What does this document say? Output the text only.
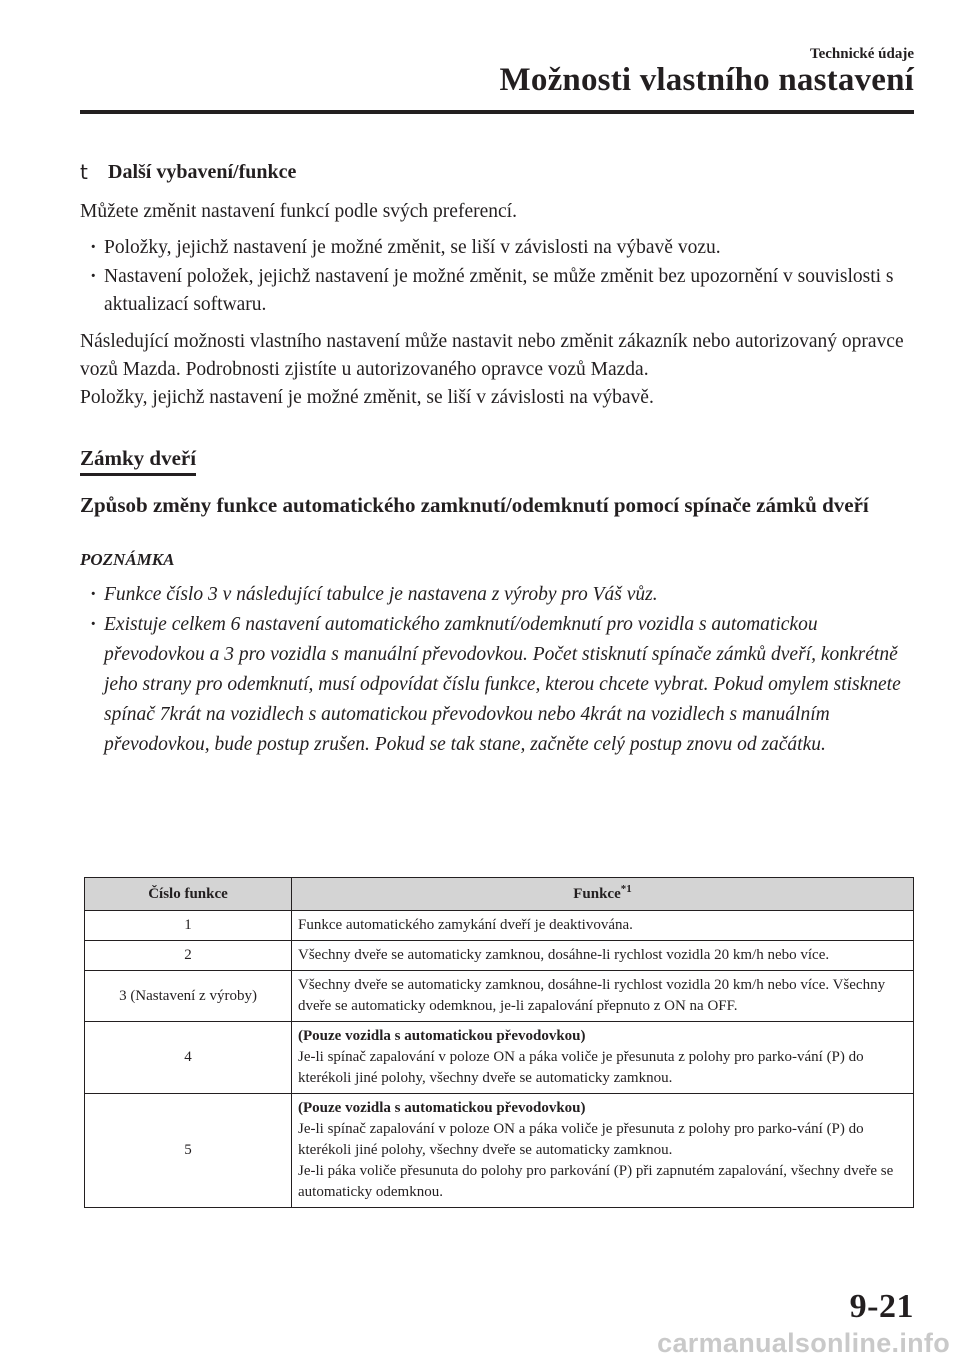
Technické údaje
Možnosti vlastního nastavení
t	Další vybavení/funkce

Můžete změnit nastavení funkcí podle svých preferencí.

· Položky, jejichž nastavení je možné změnit, se liší v závislosti na výbavě vozu.
· Nastavení položek, jejichž nastavení je možné změnit, se může změnit bez upozornění v souvislosti s aktualizací softwaru.

Následující možnosti vlastního nastavení může nastavit nebo změnit zákazník nebo autorizovaný opravce vozů Mazda. Podrobnosti zjistíte u autorizovaného opravce vozů Mazda.

Položky, jejichž nastavení je možné změnit, se liší v závislosti na výbavě.

Zámky dveří
Způsob změny funkce automatického zamknutí/odemknutí pomocí spínače zámků dveří
POZNÁMKA
· Funkce číslo 3 v následující tabulce je nastavena z výroby pro Váš vůz.
· Existuje celkem 6 nastavení automatického zamknutí/odemknutí pro vozidla s automatickou převodovkou a 3 pro vozidla s manuální převodovkou. Počet stisknutí spínače zámků dveří, konkrétně jeho strany pro odemknutí, musí odpovídat číslu funkce, kterou chcete vybrat. Pokud omylem stisknete spínač 7krát na vozidlech s automatickou převodovkou nebo 4krát na vozidlech s manuálním převodovkou, bude postup zrušen. Pokud se tak stane, začněte celý postup znovu od začátku.
Číslo funkce	Funkce$^{*1}$
1	Funkce automatického zamykání dveří je deaktivována.

2	Všechny dveře se automaticky zamknou, dosáhne-li rychlost vozidla 20 km/h nebo více.

3 (Nastavení z výroby)	Všechny dveře se automaticky zamknou, dosáhne-li rychlost vozidla 20 km/h nebo více. Všechny dveře se automaticky odemknou, je-li zapalování přepnuto z ON na OFF.

4	(Pouze vozidla s automatickou převodovkou)
Je-li spínač zapalování v poloze ON a páka voliče je přesunuta z polohy pro parko-vání (P) do kterékoli jiné polohy, všechny dveře se automaticky zamknou.

5	(Pouze vozidla s automatickou převodovkou)
Je-li spínač zapalování v poloze ON a páka voliče je přesunuta z polohy pro parko-vání (P) do kterékoli jiné polohy, všechny dveře se automaticky zamknou.
Je-li páka voliče přesunuta do polohy pro parkování (P) při zapnutém zapalování, všechny dveře se automaticky odemknou.
9-21
carmanualsonline.info
